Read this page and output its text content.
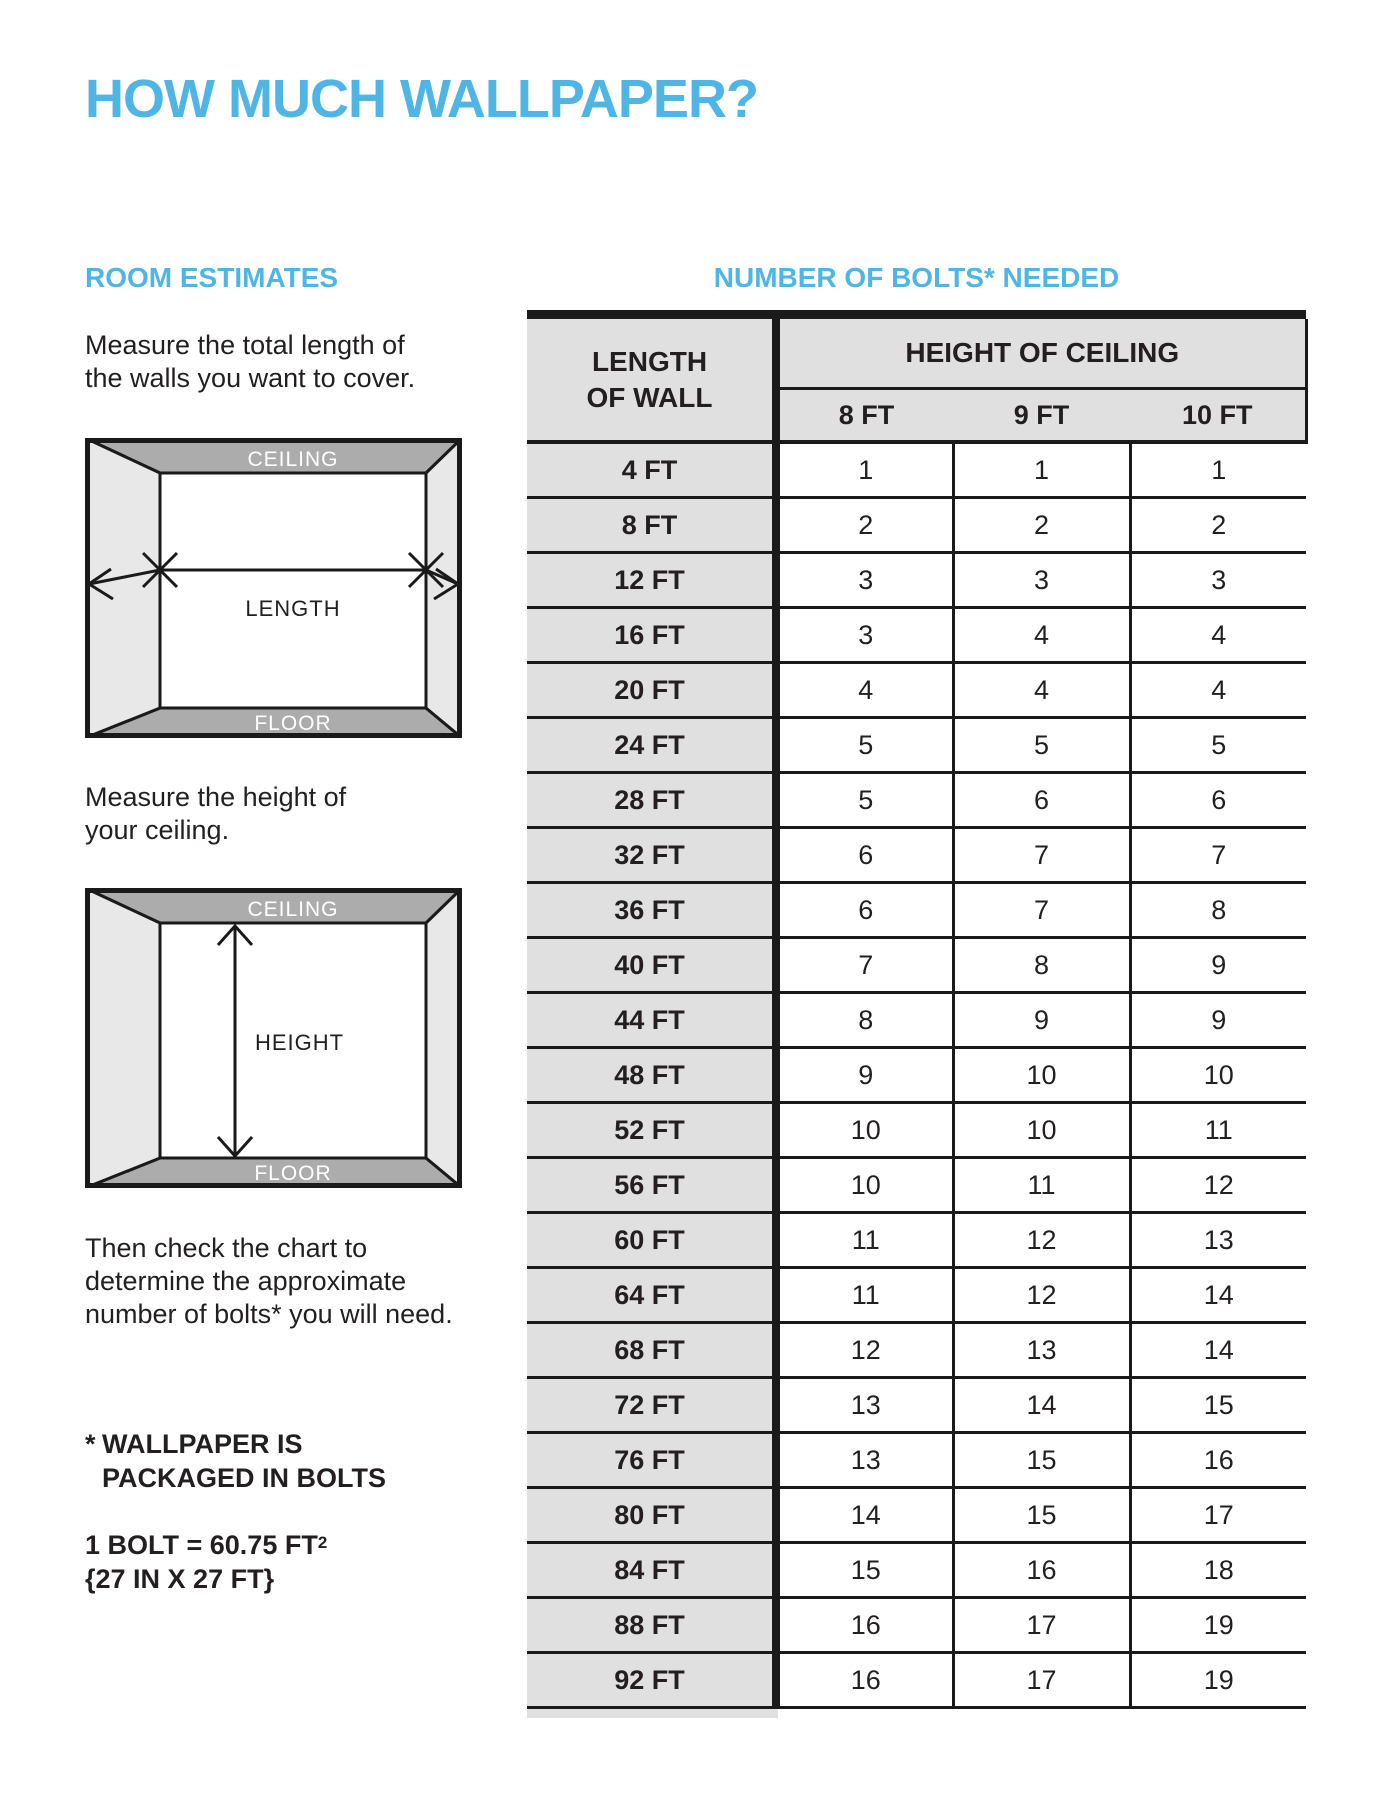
HOW MUCH WALLPAPER?
ROOM ESTIMATES
Measure the total length of
the walls you want to cover.
CEILING
FLOOR
LENGTH
Measure the height of
your ceiling.
CEILING
FLOOR
HEIGHT
Then check the chart to
determine the approximate
number of bolts* you will need.
* WALLPAPER IS
PACKAGED IN BOLTS
1 BOLT = 60.75 $FT^2$
{27 IN X 27 FT}
NUMBER OF BOLTS* NEEDED
LENGTH
OF WALL	HEIGHT OF CEILING		
	8 FT	9 FT	10 FT
4 FT	1	1	1
8 FT	2	2	2
12 FT	3	3	3
16 FT	3	4	4
20 FT	4	4	4
24 FT	5	5	5
28 FT	5	6	6
32 FT	6	7	7
36 FT	6	7	8
40 FT	7	8	9
44 FT	8	9	9
48 FT	9	10	10
52 FT	10	10	11
56 FT	10	11	12
60 FT	11	12	13
64 FT	11	12	14
68 FT	12	13	14
72 FT	13	14	15
76 FT	13	15	16
80 FT	14	15	17
84 FT	15	16	18
88 FT	16	17	19
92 FT	16	17	19
